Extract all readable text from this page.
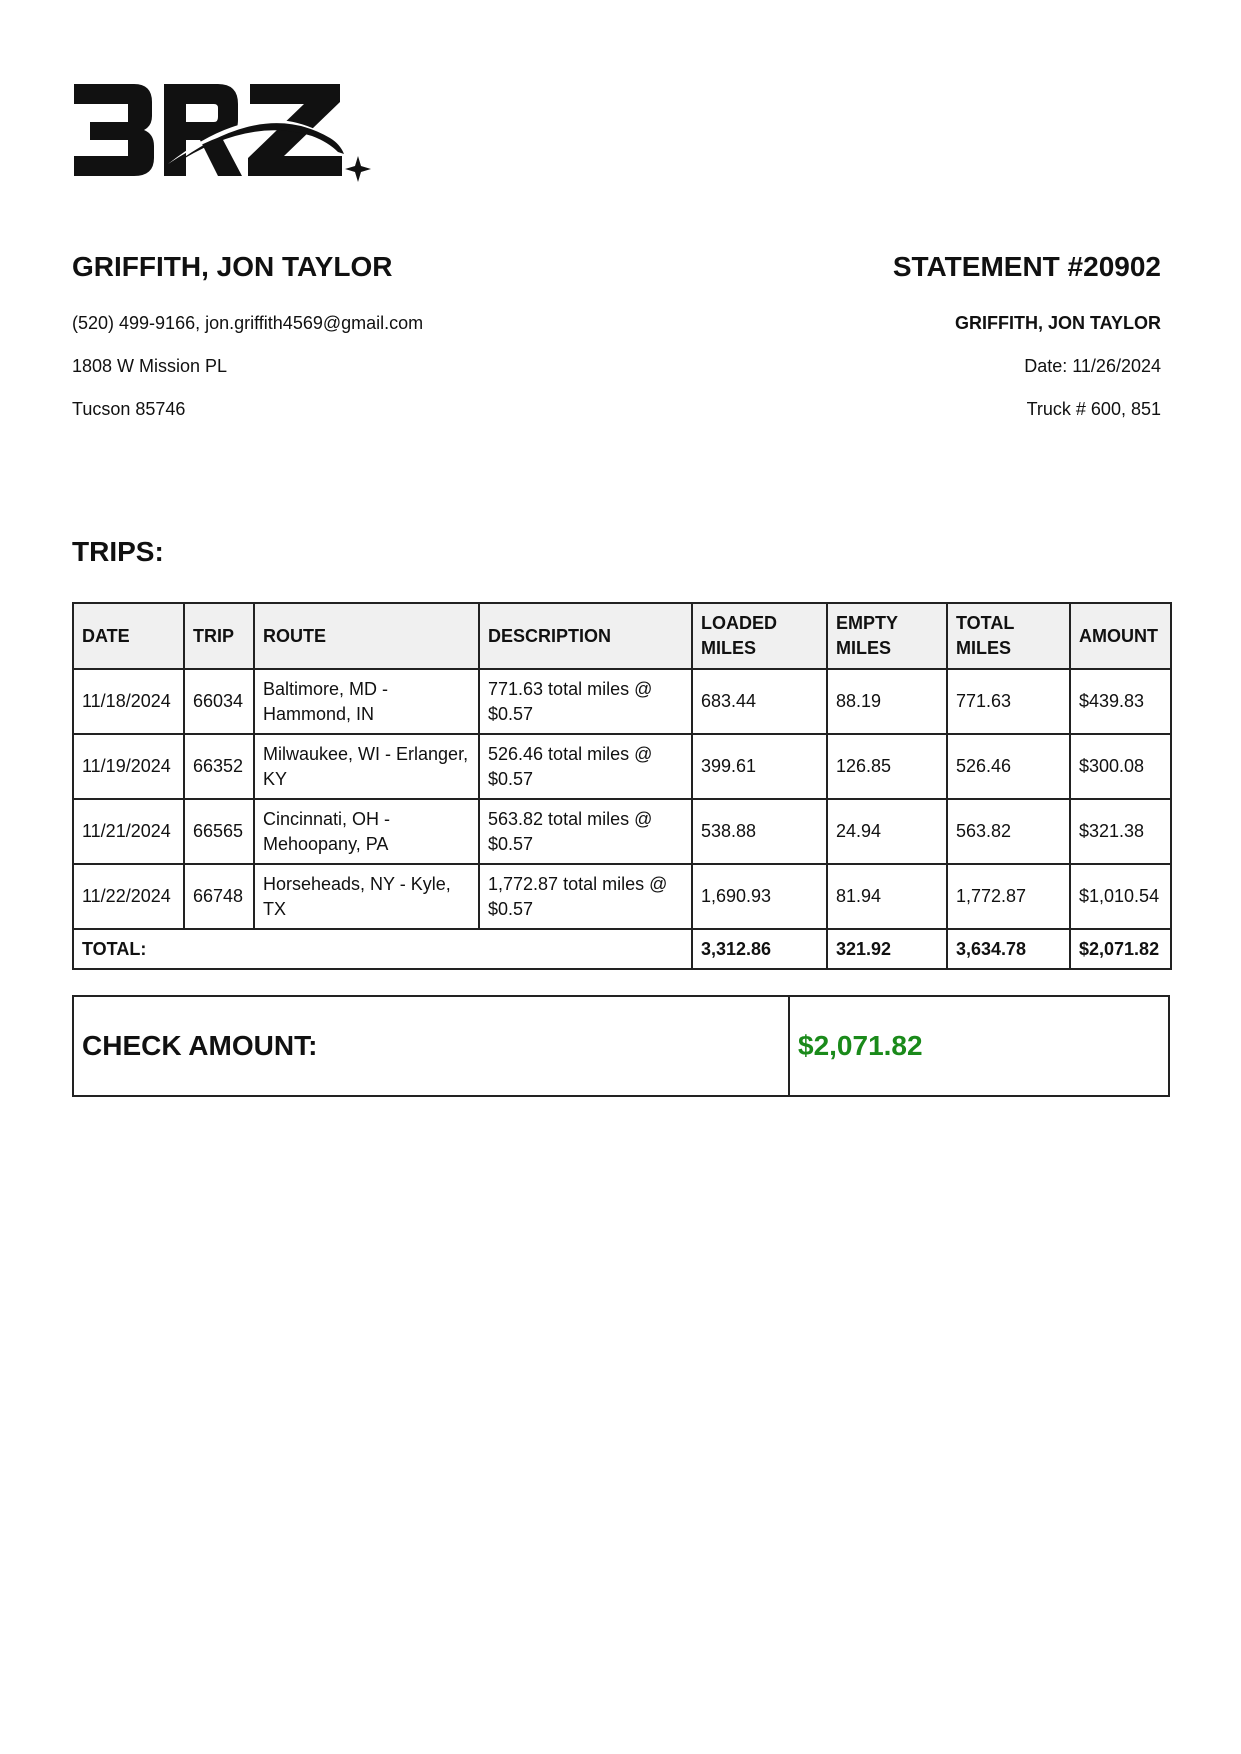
GRIFFITH, JON TAYLOR	STATEMENT #20902

(520) 499-9166, jon.griffith4569@gmail.com

1808 W Mission PL

Tucson 85746

GRIFFITH, JON TAYLOR

Date: 11/26/2024

Truck # 600, 851

TRIPS:
DATE	TRIP	ROUTE	DESCRIPTION	LOADED MILES	EMPTY MILES	TOTAL MILES	AMOUNT
11/18/2024	66034	Baltimore, MD - Hammond, IN	771.63 total miles @ $0.57	683.44	88.19	771.63	$439.83
11/19/2024	66352	Milwaukee, WI - Erlanger, KY	526.46 total miles @ $0.57	399.61	126.85	526.46	$300.08
11/21/2024	66565	Cincinnati, OH - Mehoopany, PA	563.82 total miles @ $0.57	538.88	24.94	563.82	$321.38
11/22/2024	66748	Horseheads, NY - Kyle, TX	1,772.87 total miles @ $0.57	1,690.93	81.94	1,772.87	$1,010.54
TOTAL:				3,312.86	321.92	3,634.78	$2,071.82
CHECK AMOUNT:	$2,071.82
